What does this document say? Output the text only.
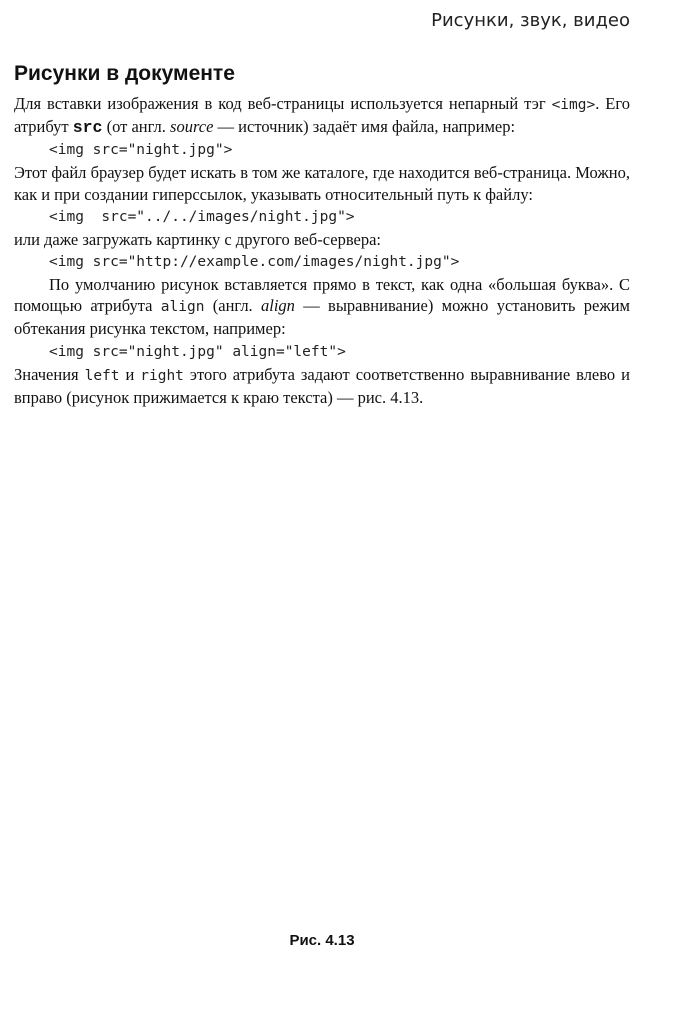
Рисунки, звук, видео
Рисунки в документе

Для вставки изображения в код веб-страницы используется непарный тэг <img>. Его атрибут src (от англ. source — источник) задаёт имя файла, например:

<img src="night.jpg">

Этот файл браузер будет искать в том же каталоге, где находится веб-страница. Можно, как и при создании гиперссылок, указывать относительный путь к файлу:

<img  src="../../images/night.jpg">

или даже загружать картинку с другого веб-сервера:

<img src="http://example.com/images/night.jpg">

По умолчанию рисунок вставляется прямо в текст, как одна «большая буква». С помощью атрибута align (англ. align — выравнивание) можно установить режим обтекания рисунка текстом, например:

<img src="night.jpg" align="left">

Значения left и right этого атрибута задают соответственно выравнивание влево и вправо (рисунок прижимается к краю текста) — рис. 4.13.

Рис. 4.13
